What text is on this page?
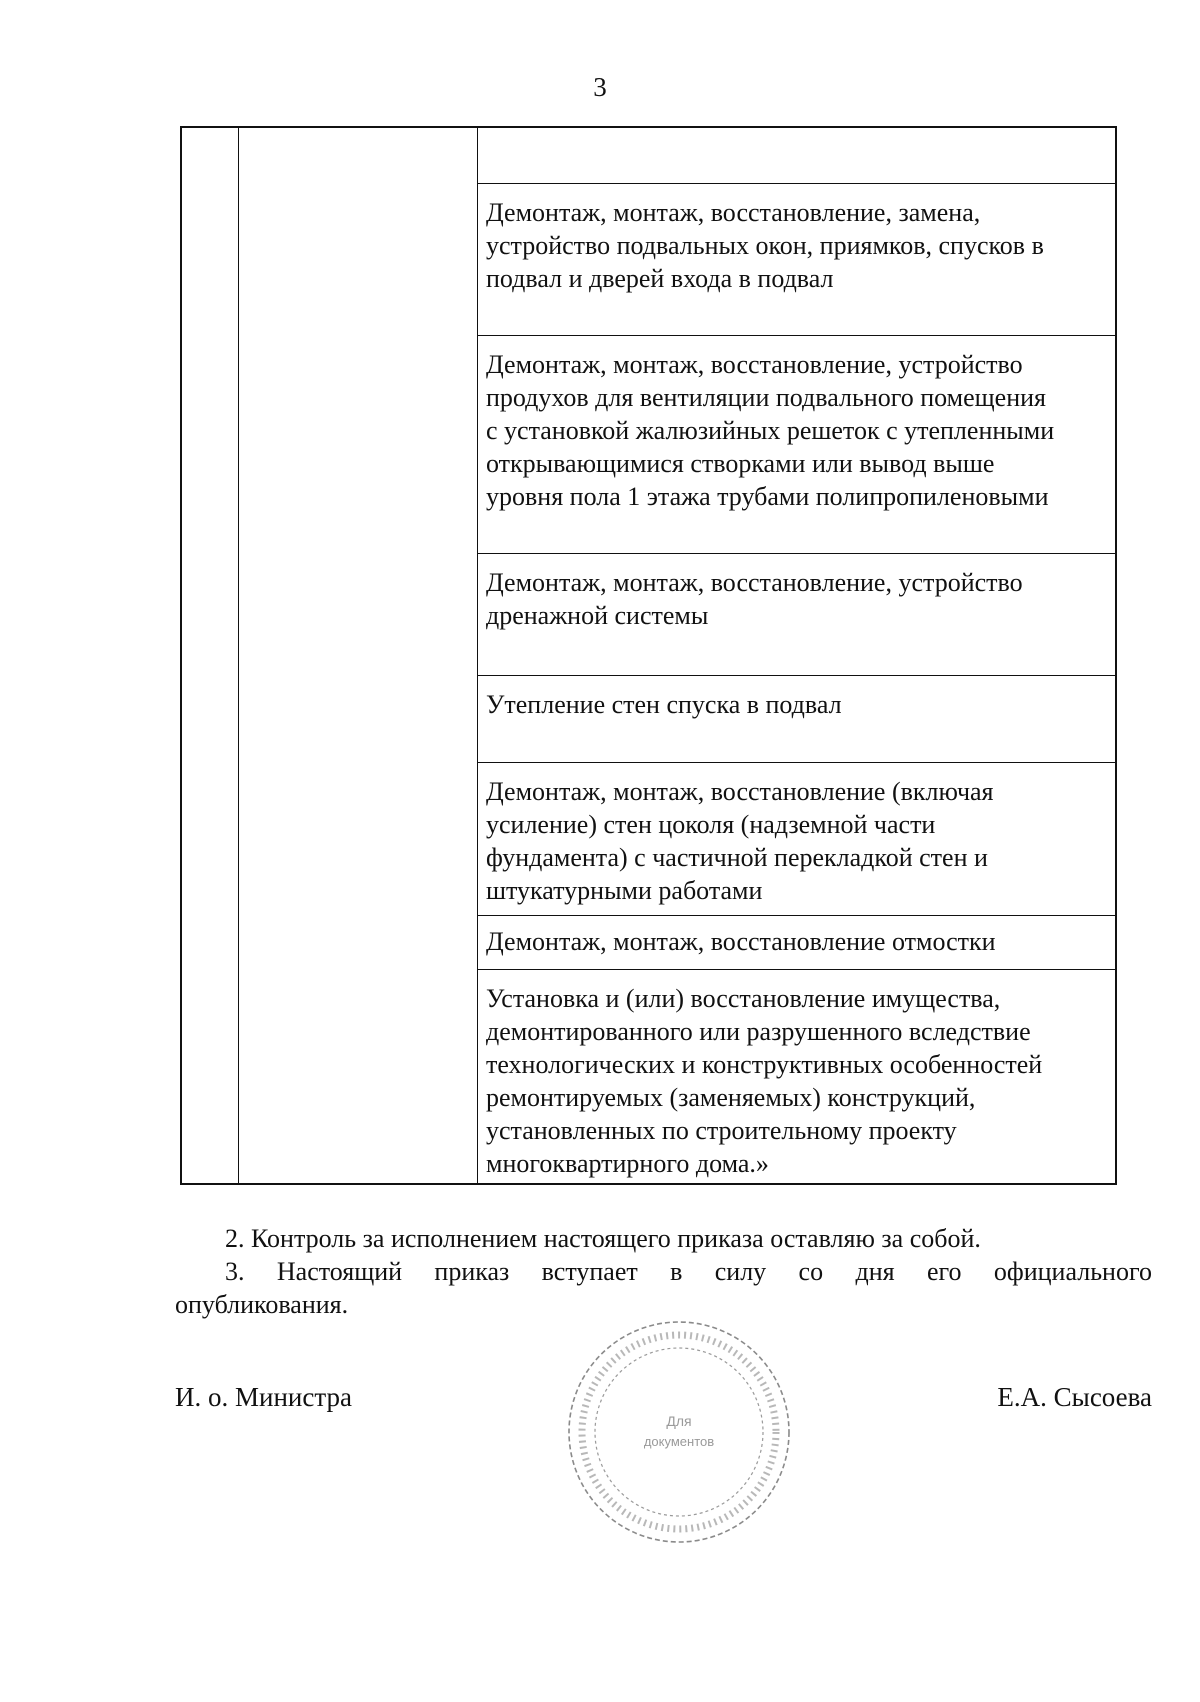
3
Демонтаж, монтаж, восстановление, замена,
устройство подвальных окон, приямков, спусков в
подвал и дверей входа в подвал
Демонтаж, монтаж, восстановление, устройство
продухов для вентиляции подвального помещения
с установкой жалюзийных решеток с утепленными
открывающимися створками или вывод выше
уровня пола 1 этажа трубами полипропиленовыми
Демонтаж, монтаж, восстановление, устройство
дренажной системы
Утепление стен спуска в подвал
Демонтаж, монтаж, восстановление (включая
усиление) стен цоколя (надземной части
фундамента) с частичной перекладкой стен и
штукатурными работами
Демонтаж, монтаж, восстановление отмостки
Установка и (или) восстановление имущества,
демонтированного или разрушенного вследствие
технологических и конструктивных особенностей
ремонтируемых (заменяемых) конструкций,
установленных по строительному проекту
многоквартирного дома.»
2. Контроль за исполнением настоящего приказа оставляю за собой.
3. Настоящий приказ вступает в силу со дня его официального
опубликования.
И. о. Министра
Для
документов
Е.А. Сысоева
